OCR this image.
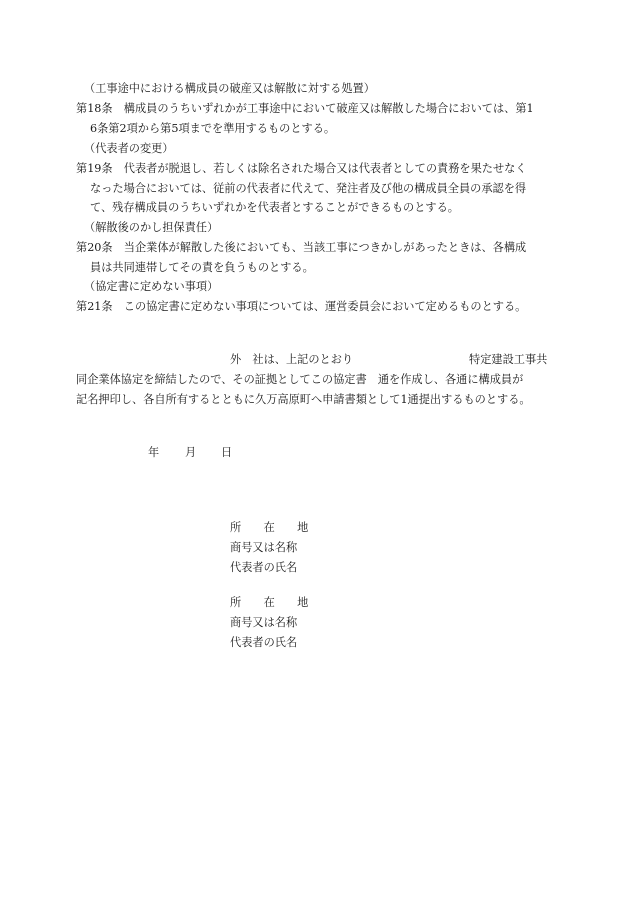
（工事途中における構成員の破産又は解散に対する処置）
第18条　構成員のうちいずれかが工事途中において破産又は解散した場合においては、第1
6条第2項から第5項までを準用するものとする。
（代表者の変更）
第19条　代表者が脱退し、若しくは除名された場合又は代表者としての責務を果たせなく
なった場合においては、従前の代表者に代えて、発注者及び他の構成員全員の承認を得
て、残存構成員のうちいずれかを代表者とすることができるものとする。
（解散後のかし担保責任）
第20条　当企業体が解散した後においても、当該工事につきかしがあったときは、各構成
員は共同連帯してその責を負うものとする。
（協定書に定めない事項）
第21条　この協定書に定めない事項については、運営委員会において定めるものとする。
外　社は、上記のとおり	特定建設工事共
同企業体協定を締結したので、その証拠としてこの協定書　通を作成し、各通に構成員が
記名押印し、各自所有するとともに久万高原町へ申請書類として1通提出するものとする。
年 月 日
所　　在　　地
商号又は名称
代表者の氏名
所　　在　　地
商号又は名称
代表者の氏名
